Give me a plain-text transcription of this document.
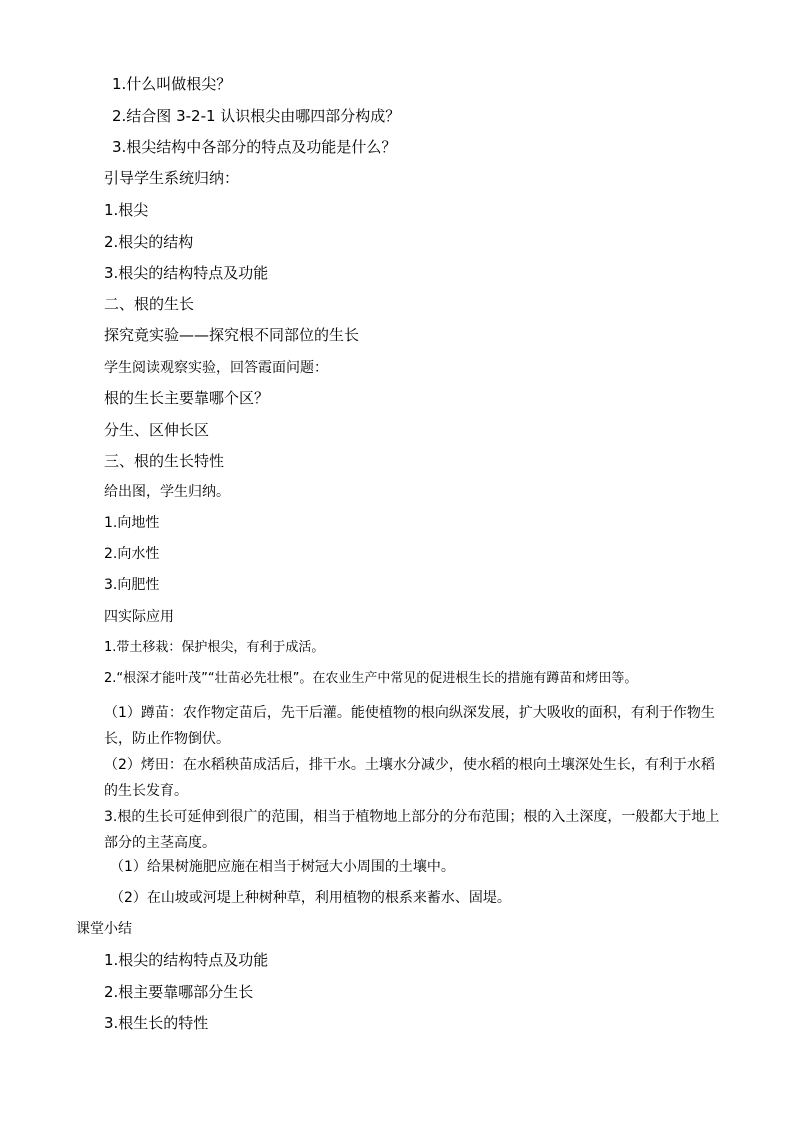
1.什么叫做根尖？
2.结合图 3-2-1 认识根尖由哪四部分构成？
3.根尖结构中各部分的特点及功能是什么？
引导学生系统归纳：
1.根尖
2.根尖的结构
3.根尖的结构特点及功能
二、根的生长
探究竟实验——探究根不同部位的生长
学生阅读观察实验，回答霞面问题：
根的生长主要靠哪个区？
分生、区伸长区
三、根的生长特性
给出图，学生归纳。
1.向地性
2.向水性
3.向肥性
四实际应用
1.带土移栽：保护根尖，有利于成活。
2.“根深才能叶茂”“壮苗必先壮根”。在农业生产中常见的促进根生长的措施有蹲苗和烤田等。
（1）蹲苗：农作物定苗后，先干后灌。能使植物的根向纵深发展，扩大吸收的面积，有利于作物生长，防止作物倒伏。
（2）烤田：在水稻秧苗成活后，排干水。土壤水分减少，使水稻的根向土壤深处生长，有利于水稻的生长发育。
3.根的生长可延伸到很广的范围，相当于植物地上部分的分布范围；根的入土深度，一般都大于地上部分的主茎高度。
（1）给果树施肥应施在相当于树冠大小周围的土壤中。
（2）在山坡或河堤上种树种草，利用植物的根系来蓄水、固堤。
课堂小结
1.根尖的结构特点及功能
2.根主要靠哪部分生长
3.根生长的特性
